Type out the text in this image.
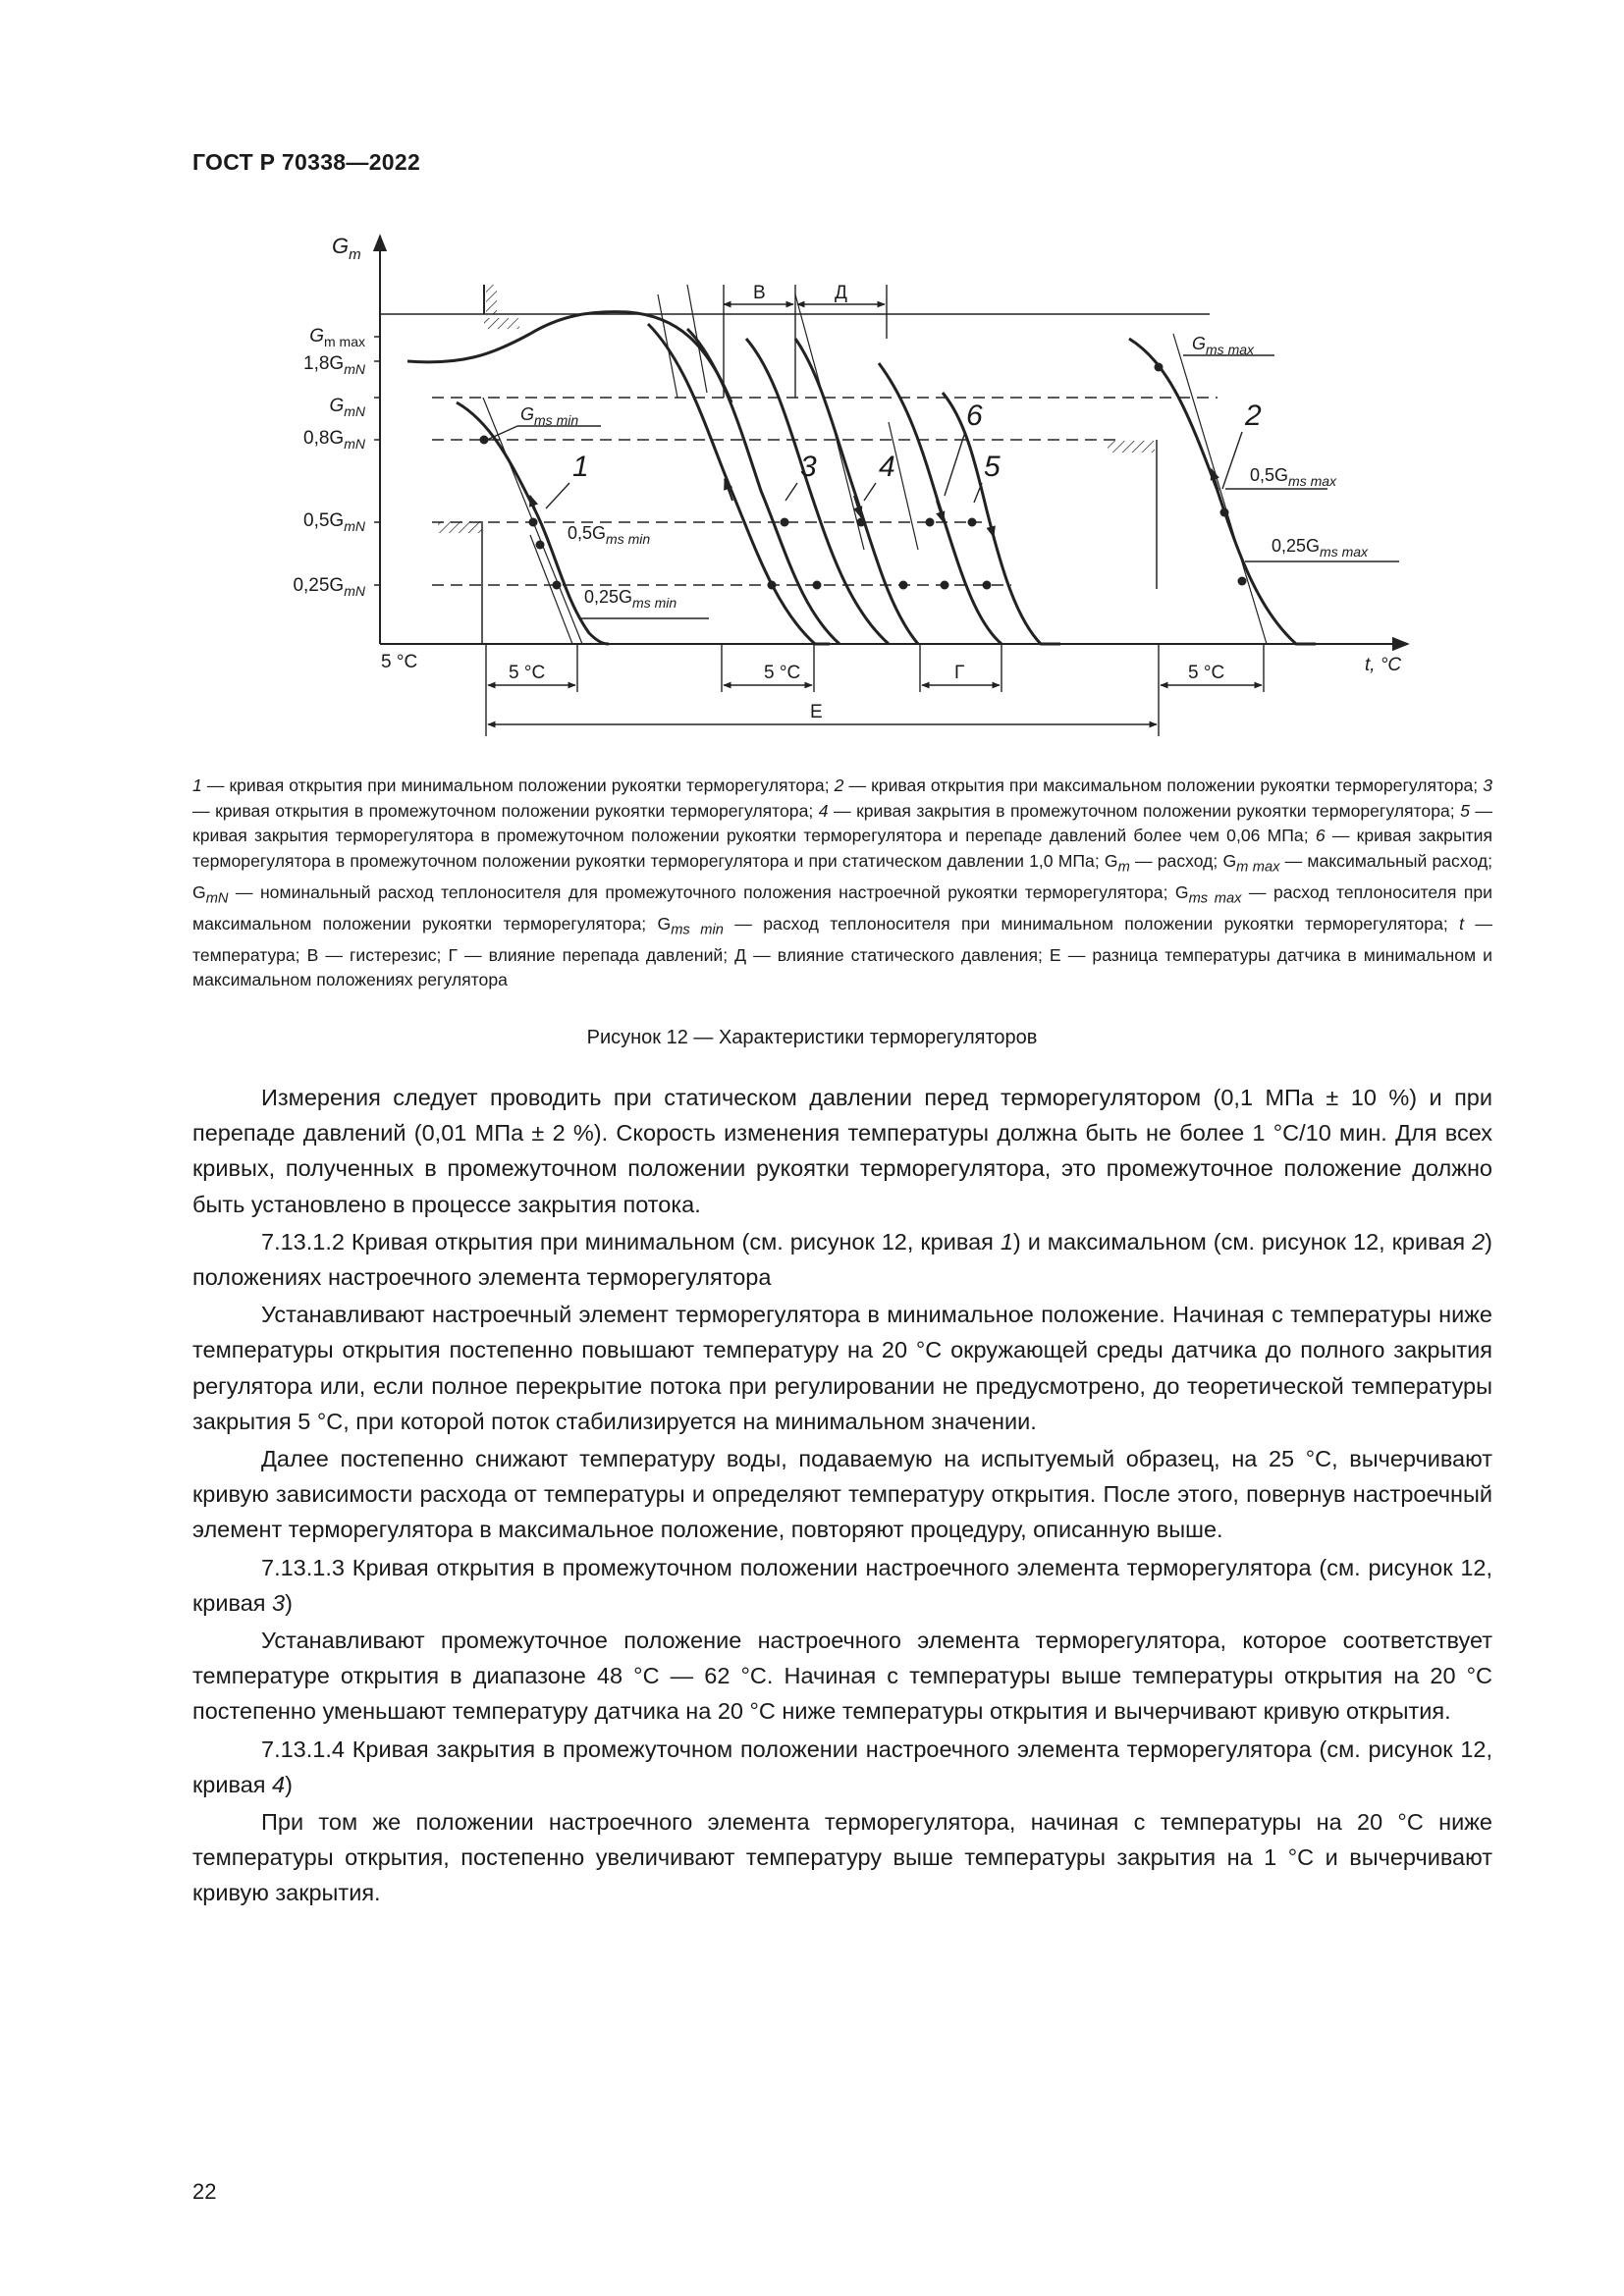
ГОСТ Р 70338—2022
$G_m$
$G_{m max}$
$1,8G_{mN}$
$G_{mN}$
$0,8G_{mN}$
$0,5G_{mN}$
$0,25G_{mN}$
$G_{ms min}$
$0,5G_{ms min}$
$0,25G_{ms min}$
$G_{ms max}$
$0,5G_{ms max}$
$0,25G_{ms max}$
1
2
3 4	5
6
В	Д
5 °C
5 °C	5 °C	Г	5 °C
Е
t, °C
1 — кривая открытия при минимальном положении рукоятки терморегулятора; 2 — кривая открытия при максимальном положении рукоятки терморегулятора; 3 — кривая открытия в промежуточном положении рукоятки терморегулятора; 4 — кривая закрытия в промежуточном положении рукоятки терморегулятора; 5 — кривая закрытия терморегулятора в промежуточном положении рукоятки терморегулятора и перепаде давлений более чем 0,06 МПа; 6 — кривая закрытия терморегулятора в промежуточном положении рукоятки терморегулятора и при статическом давлении 1,0 МПа; $G_m$ — расход; $G_{m max}$ — максимальный расход; $G_{mN}$ — номинальный расход теплоносителя для промежуточного положения настроечной рукоятки терморегулятора; $G_{ms max}$ — расход теплоносителя при максимальном положении рукоятки терморегулятора; $G_{ms min}$ — расход теплоносителя при минимальном положении рукоятки терморегулятора; t — температура; В — гистерезис; Г — влияние перепада давлений; Д — влияние статического давления; Е — разница температуры датчика в минимальном и максимальном положениях регулятора
Рисунок 12 — Характеристики терморегуляторов

Измерения следует проводить при статическом давлении перед терморегулятором (0,1 МПа ± 10 %) и при перепаде давлений (0,01 МПа ± 2 %). Скорость изменения температуры должна быть не более 1 °С/10 мин. Для всех кривых, полученных в промежуточном положении рукоятки терморегулятора, это промежуточное положение должно быть установлено в процессе закрытия потока.

7.13.1.2 Кривая открытия при минимальном (см. рисунок 12, кривая 1) и максимальном (см. рисунок 12, кривая 2) положениях настроечного элемента терморегулятора

Устанавливают настроечный элемент терморегулятора в минимальное положение. Начиная с температуры ниже температуры открытия постепенно повышают температуру на 20 °С окружающей среды датчика до полного закрытия регулятора или, если полное перекрытие потока при регулировании не предусмотрено, до теоретической температуры закрытия 5 °С, при которой поток стабилизируется на минимальном значении.

Далее постепенно снижают температуру воды, подаваемую на испытуемый образец, на 25 °С, вычерчивают кривую зависимости расхода от температуры и определяют температуру открытия. После этого, повернув настроечный элемент терморегулятора в максимальное положение, повторяют процедуру, описанную выше.

7.13.1.3 Кривая открытия в промежуточном положении настроечного элемента терморегулятора (см. рисунок 12, кривая 3)

Устанавливают промежуточное положение настроечного элемента терморегулятора, которое соответствует температуре открытия в диапазоне 48 °С — 62 °С. Начиная с температуры выше температуры открытия на 20 °С постепенно уменьшают температуру датчика на 20 °С ниже температуры открытия и вычерчивают кривую открытия.

7.13.1.4 Кривая закрытия в промежуточном положении настроечного элемента терморегулятора (см. рисунок 12, кривая 4)

При том же положении настроечного элемента терморегулятора, начиная с температуры на 20 °С ниже температуры открытия, постепенно увеличивают температуру выше температуры закрытия на 1 °С и вычерчивают кривую закрытия.

22
